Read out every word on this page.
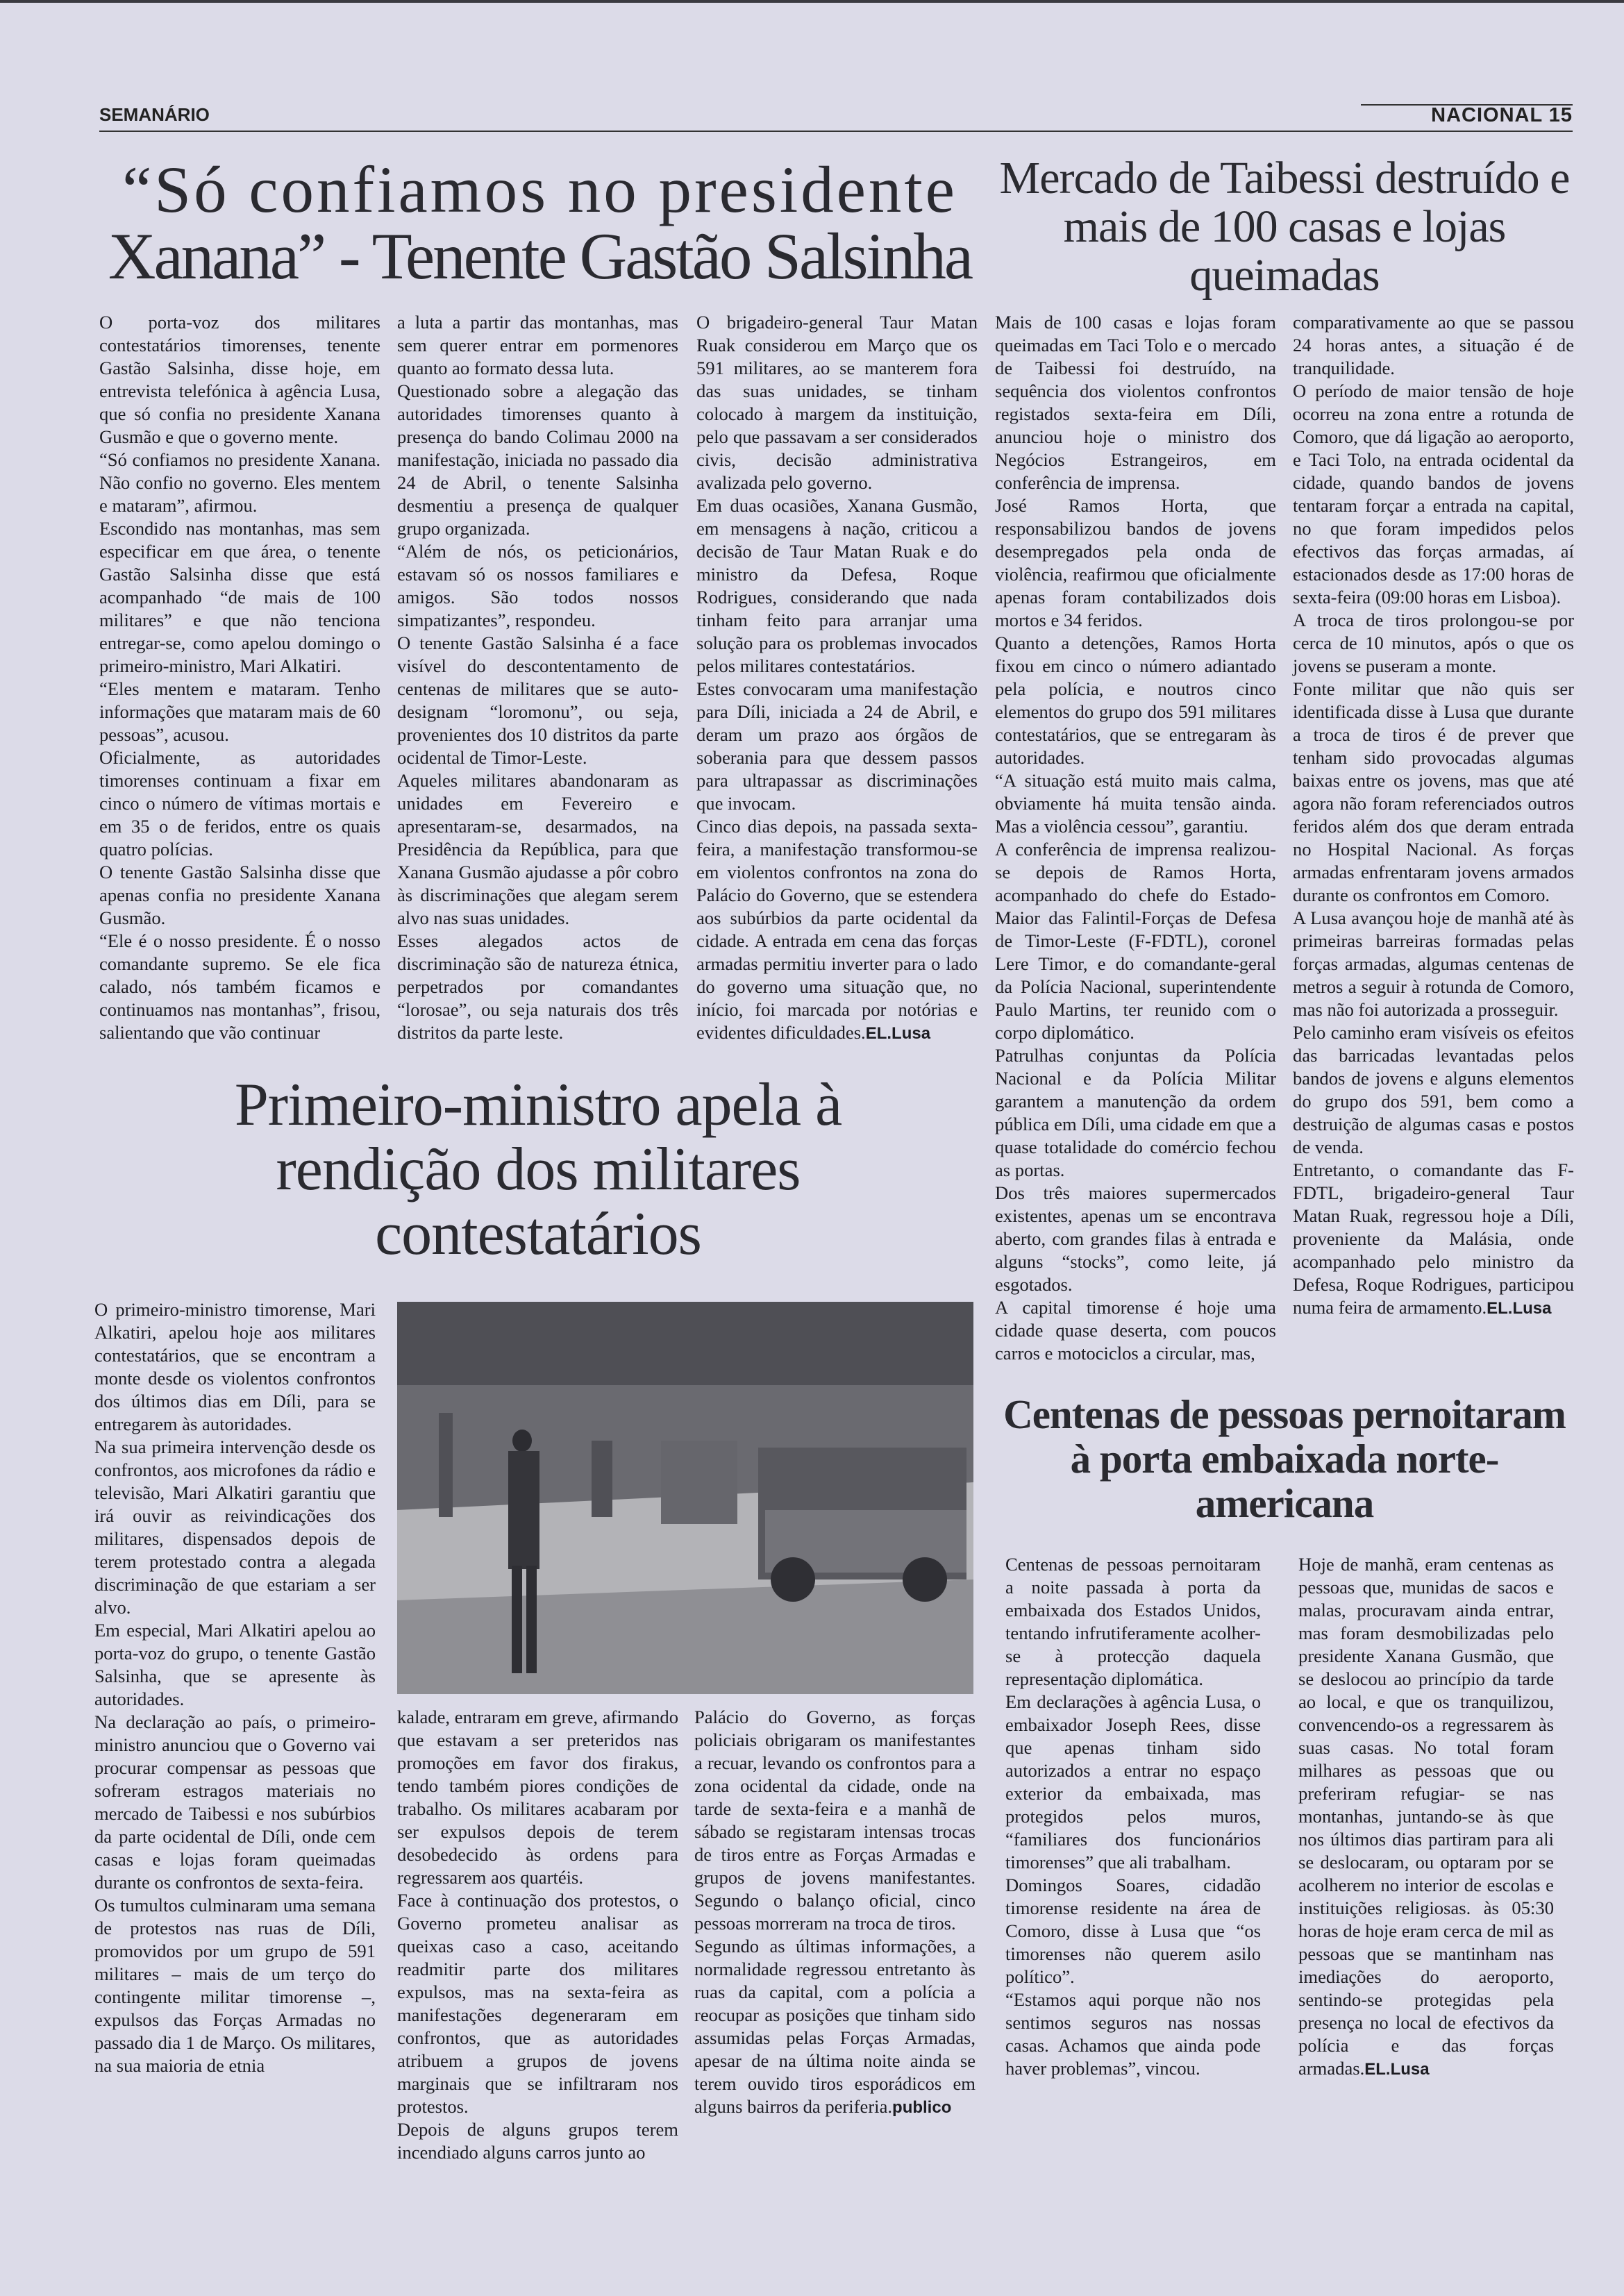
SEMANÁRIO	NACIONAL 15
“Só confiamos no presidente
Xanana” - Tenente Gastão Salsinha

O porta-voz dos militares contestatários timorenses, tenente Gastão Salsinha, disse hoje, em entrevista telefónica à agência Lusa, que só confia no presidente Xanana Gusmão e que o governo mente.

“Só confiamos no presidente Xanana. Não confio no governo. Eles mentem e mataram”, afirmou.

Escondido nas montanhas, mas sem especificar em que área, o tenente Gastão Salsinha disse que está acompanhado “de mais de 100 militares” e que não tenciona entregar-se, como apelou domingo o primeiro-ministro, Mari Alkatiri.

“Eles mentem e mataram. Tenho informações que mataram mais de 60 pessoas”, acusou.

Oficialmente, as autoridades timorenses continuam a fixar em cinco o número de vítimas mortais e em 35 o de feridos, entre os quais quatro polícias.

O tenente Gastão Salsinha disse que apenas confia no presidente Xanana Gusmão.

“Ele é o nosso presidente. É o nosso comandante supremo. Se ele fica calado, nós também ficamos e continuamos nas montanhas”, frisou, salientando que vão continuar

a luta a partir das montanhas, mas sem querer entrar em pormenores quanto ao formato dessa luta.

Questionado sobre a alegação das autoridades timorenses quanto à presença do bando Colimau 2000 na manifestação, iniciada no passado dia 24 de Abril, o tenente Salsinha desmentiu a presença de qualquer grupo organizada.

“Além de nós, os peticionários, estavam só os nossos familiares e amigos. São todos nossos simpatizantes”, respondeu.

O tenente Gastão Salsinha é a face visível do descontentamento de centenas de militares que se auto-designam “loromonu”, ou seja, provenientes dos 10 distritos da parte ocidental de Timor-Leste.

Aqueles militares abandonaram as unidades em Fevereiro e apresentaram-se, desarmados, na Presidência da República, para que Xanana Gusmão ajudasse a pôr cobro às discriminações que alegam serem alvo nas suas unidades.

Esses alegados actos de discriminação são de natureza étnica, perpetrados por comandantes “lorosae”, ou seja naturais dos três distritos da parte leste.

O brigadeiro-general Taur Matan Ruak considerou em Março que os 591 militares, ao se manterem fora das suas unidades, se tinham colocado à margem da instituição, pelo que passavam a ser considerados civis, decisão administrativa avalizada pelo governo.

Em duas ocasiões, Xanana Gusmão, em mensagens à nação, criticou a decisão de Taur Matan Ruak e do ministro da Defesa, Roque Rodrigues, considerando que nada tinham feito para arranjar uma solução para os problemas invocados pelos militares contestatários.

Estes convocaram uma manifestação para Díli, iniciada a 24 de Abril, e deram um prazo aos órgãos de soberania para que dessem passos para ultrapassar as discriminações que invocam.

Cinco dias depois, na passada sexta-feira, a manifestação transformou-se em violentos confrontos na zona do Palácio do Governo, que se estendera aos subúrbios da parte ocidental da cidade. A entrada em cena das forças armadas permitiu inverter para o lado do governo uma situação que, no início, foi marcada por notórias e evidentes dificuldades.EL.Lusa

Mercado de Taibessi destruído e mais de 100 casas e lojas queimadas

Mais de 100 casas e lojas foram queimadas em Taci Tolo e o mercado de Taibessi foi destruído, na sequência dos violentos confrontos registados sexta-feira em Díli, anunciou hoje o ministro dos Negócios Estrangeiros, em conferência de imprensa.

José Ramos Horta, que responsabilizou bandos de jovens desempregados pela onda de violência, reafirmou que oficialmente apenas foram contabilizados dois mortos e 34 feridos.

Quanto a detenções, Ramos Horta fixou em cinco o número adiantado pela polícia, e noutros cinco elementos do grupo dos 591 militares contestatários, que se entregaram às autoridades.

“A situação está muito mais calma, obviamente há muita tensão ainda. Mas a violência cessou”, garantiu.

A conferência de imprensa realizou-se depois de Ramos Horta, acompanhado do chefe do Estado-Maior das Falintil-Forças de Defesa de Timor-Leste (F-FDTL), coronel Lere Timor, e do comandante-geral da Polícia Nacional, superintendente Paulo Martins, ter reunido com o corpo diplomático.

Patrulhas conjuntas da Polícia Nacional e da Polícia Militar garantem a manutenção da ordem pública em Díli, uma cidade em que a quase totalidade do comércio fechou as portas.

Dos três maiores supermercados existentes, apenas um se encontrava aberto, com grandes filas à entrada e alguns “stocks”, como leite, já esgotados.

A capital timorense é hoje uma cidade quase deserta, com poucos carros e motociclos a circular, mas,

comparativamente ao que se passou 24 horas antes, a situação é de tranquilidade.

O período de maior tensão de hoje ocorreu na zona entre a rotunda de Comoro, que dá ligação ao aeroporto, e Taci Tolo, na entrada ocidental da cidade, quando bandos de jovens tentaram forçar a entrada na capital, no que foram impedidos pelos efectivos das forças armadas, aí estacionados desde as 17:00 horas de sexta-feira (09:00 horas em Lisboa).

A troca de tiros prolongou-se por cerca de 10 minutos, após o que os jovens se puseram a monte.

Fonte militar que não quis ser identificada disse à Lusa que durante a troca de tiros é de prever que tenham sido provocadas algumas baixas entre os jovens, mas que até agora não foram referenciados outros feridos além dos que deram entrada no Hospital Nacional. As forças armadas enfrentaram jovens armados durante os confrontos em Comoro.

A Lusa avançou hoje de manhã até às primeiras barreiras formadas pelas forças armadas, algumas centenas de metros a seguir à rotunda de Comoro, mas não foi autorizada a prosseguir.

Pelo caminho eram visíveis os efeitos das barricadas levantadas pelos bandos de jovens e alguns elementos do grupo dos 591, bem como a destruição de algumas casas e postos de venda.

Entretanto, o comandante das F-FDTL, brigadeiro-general Taur Matan Ruak, regressou hoje a Díli, proveniente da Malásia, onde acompanhado pelo ministro da Defesa, Roque Rodrigues, participou numa feira de armamento.EL.Lusa

Primeiro-ministro apela à rendição dos militares contestatários

O primeiro-ministro timorense, Mari Alkatiri, apelou hoje aos militares contestatários, que se encontram a monte desde os violentos confrontos dos últimos dias em Díli, para se entregarem às autoridades.

Na sua primeira intervenção desde os confrontos, aos microfones da rádio e televisão, Mari Alkatiri garantiu que irá ouvir as reivindicações dos militares, dispensados depois de terem protestado contra a alegada discriminação de que estariam a ser alvo.

Em especial, Mari Alkatiri apelou ao porta-voz do grupo, o tenente Gastão Salsinha, que se apresente às autoridades.

Na declaração ao país, o primeiro-ministro anunciou que o Governo vai procurar compensar as pessoas que sofreram estragos materiais no mercado de Taibessi e nos subúrbios da parte ocidental de Díli, onde cem casas e lojas foram queimadas durante os confrontos de sexta-feira.

Os tumultos culminaram uma semana de protestos nas ruas de Díli, promovidos por um grupo de 591 militares – mais de um terço do contingente militar timorense –, expulsos das Forças Armadas no passado dia 1 de Março. Os militares, na sua maioria de etnia

kalade, entraram em greve, afirmando que estavam a ser preteridos nas promoções em favor dos firakus, tendo também piores condições de trabalho. Os militares acabaram por ser expulsos depois de terem desobedecido às ordens para regressarem aos quartéis.

Face à continuação dos protestos, o Governo prometeu analisar as queixas caso a caso, aceitando readmitir parte dos militares expulsos, mas na sexta-feira as manifestações degeneraram em confrontos, que as autoridades atribuem a grupos de jovens marginais que se infiltraram nos protestos.

Depois de alguns grupos terem incendiado alguns carros junto ao

Palácio do Governo, as forças policiais obrigaram os manifestantes a recuar, levando os confrontos para a zona ocidental da cidade, onde na tarde de sexta-feira e a manhã de sábado se registaram intensas trocas de tiros entre as Forças Armadas e grupos de jovens manifestantes. Segundo o balanço oficial, cinco pessoas morreram na troca de tiros.

Segundo as últimas informações, a normalidade regressou entretanto às ruas da capital, com a polícia a reocupar as posições que tinham sido assumidas pelas Forças Armadas, apesar de na última noite ainda se terem ouvido tiros esporádicos em alguns bairros da periferia.publico

Centenas de pessoas pernoitaram à porta embaixada norte-americana

Centenas de pessoas pernoitaram a noite passada à porta da embaixada dos Estados Unidos, tentando infrutiferamente acolher-se à protecção daquela representação diplomática.

Em declarações à agência Lusa, o embaixador Joseph Rees, disse que apenas tinham sido autorizados a entrar no espaço exterior da embaixada, mas protegidos pelos muros, “familiares dos funcionários timorenses” que ali trabalham.

Domingos Soares, cidadão timorense residente na área de Comoro, disse à Lusa que “os timorenses não querem asilo político”.

“Estamos aqui porque não nos sentimos seguros nas nossas casas. Achamos que ainda pode haver problemas”, vincou.

Hoje de manhã, eram centenas as pessoas que, munidas de sacos e malas, procuravam ainda entrar, mas foram desmobilizadas pelo presidente Xanana Gusmão, que se deslocou ao princípio da tarde ao local, e que os tranquilizou, convencendo-os a regressarem às suas casas. No total foram milhares as pessoas que ou preferiram refugiar- se nas montanhas, juntando-se às que nos últimos dias partiram para ali se deslocaram, ou optaram por se acolherem no interior de escolas e instituições religiosas. às 05:30 horas de hoje eram cerca de mil as pessoas que se mantinham nas imediações do aeroporto, sentindo-se protegidas pela presença no local de efectivos da polícia e das forças armadas.EL.Lusa
